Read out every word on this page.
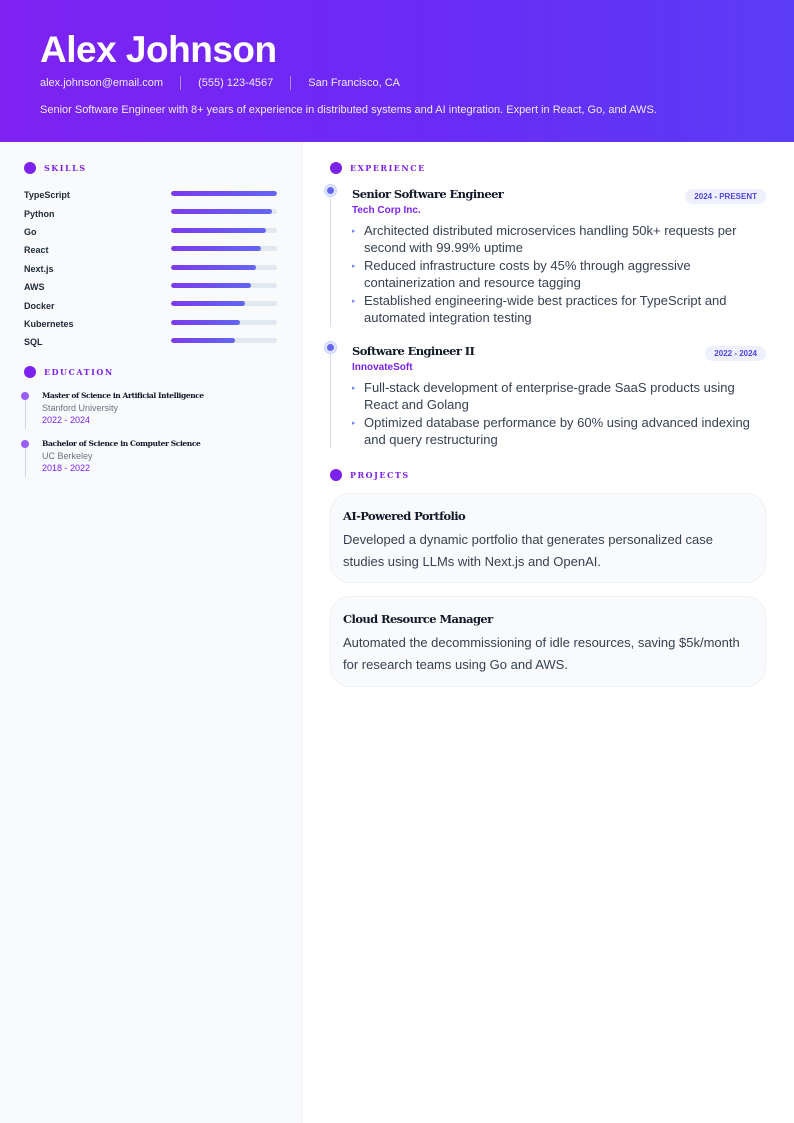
Alex Johnson
alex.johnson@email.com	(555) 123-4567	San Francisco, CA
Senior Software Engineer with 8+ years of experience in distributed systems and AI integration. Expert in React, Go, and AWS.
SKILLS
TypeScript
Python
Go
React
Next.js
AWS
Docker
Kubernetes
SQL
EDUCATION
Master of Science in Artificial Intelligence
Stanford University
2022 - 2024
Bachelor of Science in Computer Science
UC Berkeley
2018 - 2022
EXPERIENCE
Senior Software Engineer
Tech Corp Inc.
2024 - PRESENT
▸ Architected distributed microservices handling 50k+ requests per second with 99.99% uptime
▸ Reduced infrastructure costs by 45% through aggressive containerization and resource tagging
▸ Established engineering-wide best practices for TypeScript and automated integration testing
Software Engineer II
InnovateSoft
2022 - 2024
▸ Full-stack development of enterprise-grade SaaS products using React and Golang
▸ Optimized database performance by 60% using advanced indexing and query restructuring
PROJECTS
AI-Powered Portfolio
Developed a dynamic portfolio that generates personalized case studies using LLMs with Next.js and OpenAI.
Cloud Resource Manager
Automated the decommissioning of idle resources, saving $5k/month for research teams using Go and AWS.
